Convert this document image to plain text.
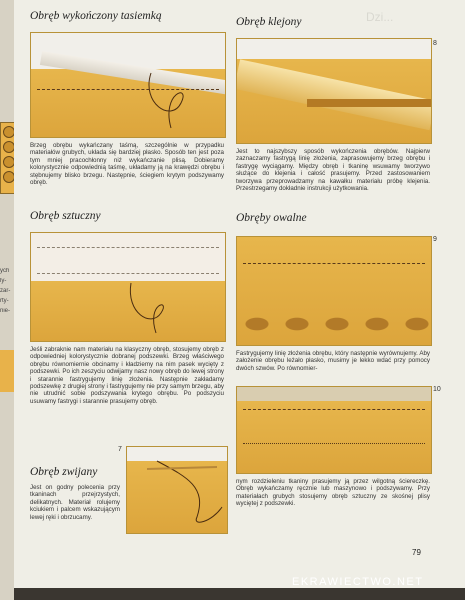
ych
ly-
zar-
rty-
nie-
Dzi...
Obręb wykończony tasiemką
Brzeg obrębu wykańczany taśmą, szczególnie w przypadku materiałów grubych, układa się bardziej płasko. Sposób ten jest poza tym mniej pracochłonny niż wykańczanie plisą. Dobieramy kolorystycznie odpowiednią taśmę, układamy ją na krawędzi obrębu i stębnujemy blisko brzegu. Następnie, ściegiem krytym podszywamy obręb.
Obręb klejony
8
Jest to najszybszy sposób wykończenia obrębów. Najpierw zaznaczamy fastrygą linię złożenia, zaprasowujemy brzeg obrębu i fastrygę wyciągamy. Między obręb i tkaninę wsuwamy tworzywo służące do klejenia i całość prasujemy. Przed zastosowaniem tworzywa przeprowadzamy na kawałku materiału próbę klejenia. Przestrzegamy dokładnie instrukcji użytkowania.
Obręb sztuczny
Jeśli zabraknie nam materiału na klasyczny obręb, stosujemy obręb z odpowiedniej kolorystycznie dobranej podszewki. Brzeg właściwego obrębu równomiernie obcinamy i kładziemy na nim pasek wycięty z podszewki. Po ich zeszyciu odwijamy nasz nowy obręb do lewej strony i starannie fastrygujemy linię złożenia. Następnie zakładamy podszewkę z drugiej strony i fastrygujemy nie przy samym brzegu, aby nie utrudnić sobie podszywania krytego obrębu. Po podszyciu usuwamy fastrygi i starannie prasujemy obręb.
Obręby owalne
9
Fastrygujemy linię złożenia obrębu, który następnie wyrównujemy. Aby założenie obrębu leżało płasko, musimy je lekko wdać przy pomocy dwóch szwów. Po równomier-
10
nym rozdzieleniu tkaniny prasujemy ją przez wilgotną ściereczkę. Obręb wykańczamy ręcznie lub maszynowo i podszywamy. Przy materiałach grubych stosujemy obręb sztuczny ze skośnej plisy wyciętej z podszewki.
Obręb zwijany
7
Jest on godny polecenia przy tkaninach przejrzystych, delikatnych. Materiał rolujemy kciukiem i palcem wskazującym lewej ręki i obrzucamy.
79
EKRAWIECTWO.NET
